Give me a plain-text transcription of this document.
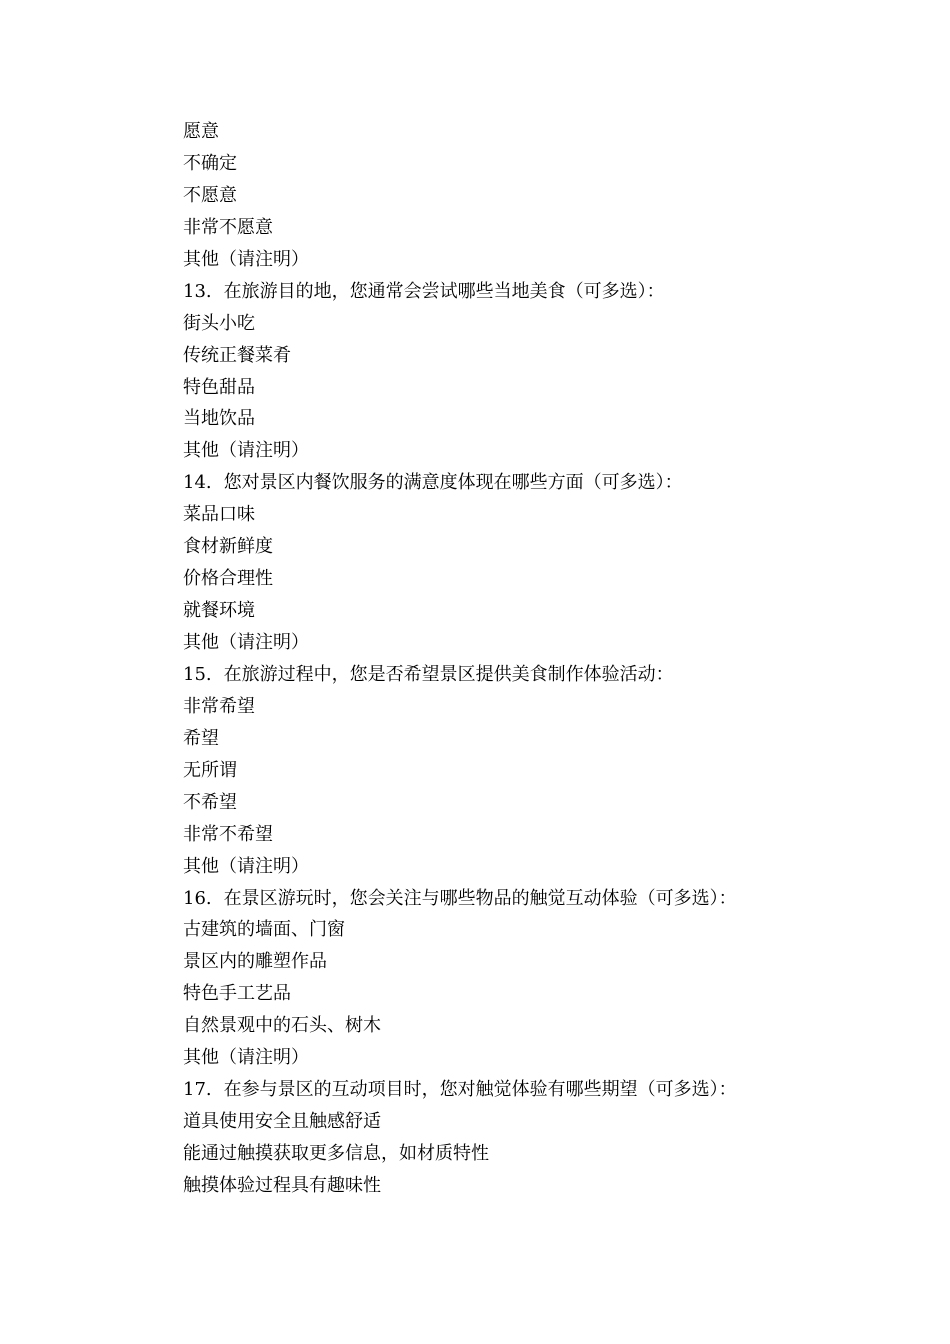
愿意
不确定
不愿意
非常不愿意
其他（请注明）
13. 在旅游目的地，您通常会尝试哪些当地美食（可多选）：
街头小吃
传统正餐菜肴
特色甜品
当地饮品
其他（请注明）
14. 您对景区内餐饮服务的满意度体现在哪些方面（可多选）：
菜品口味
食材新鲜度
价格合理性
就餐环境
其他（请注明）
15. 在旅游过程中，您是否希望景区提供美食制作体验活动：
非常希望
希望
无所谓
不希望
非常不希望
其他（请注明）
16. 在景区游玩时，您会关注与哪些物品的触觉互动体验（可多选）：
古建筑的墙面、门窗
景区内的雕塑作品
特色手工艺品
自然景观中的石头、树木
其他（请注明）
17. 在参与景区的互动项目时，您对触觉体验有哪些期望（可多选）：
道具使用安全且触感舒适
能通过触摸获取更多信息，如材质特性
触摸体验过程具有趣味性
